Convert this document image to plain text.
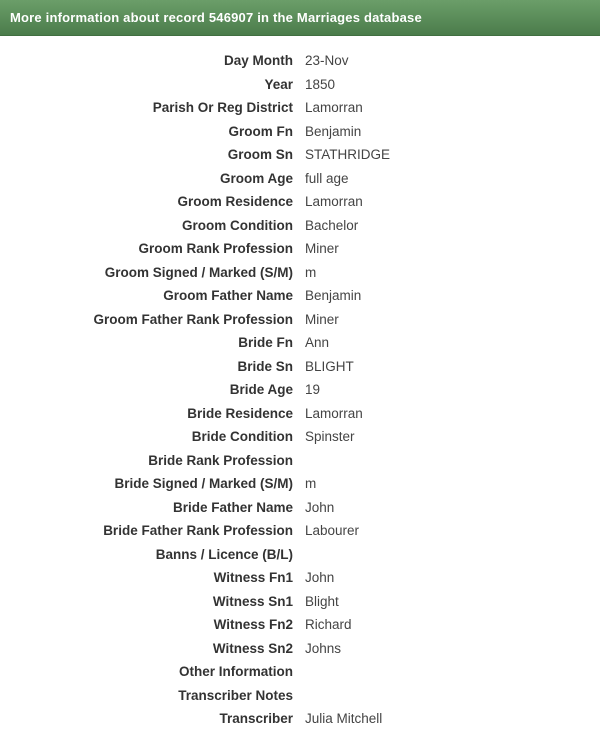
More information about record 546907 in the Marriages database
Day Month 23-Nov
Year 1850
Parish Or Reg District Lamorran
Groom Fn Benjamin
Groom Sn STATHRIDGE
Groom Age full age
Groom Residence Lamorran
Groom Condition Bachelor
Groom Rank Profession Miner
Groom Signed / Marked (S/M) m
Groom Father Name Benjamin
Groom Father Rank Profession Miner
Bride Fn Ann
Bride Sn BLIGHT
Bride Age 19
Bride Residence Lamorran
Bride Condition Spinster
Bride Rank Profession
Bride Signed / Marked (S/M) m
Bride Father Name John
Bride Father Rank Profession Labourer
Banns / Licence (B/L)
Witness Fn1 John
Witness Sn1 Blight
Witness Fn2 Richard
Witness Sn2 Johns
Other Information
Transcriber Notes
Transcriber Julia Mitchell
